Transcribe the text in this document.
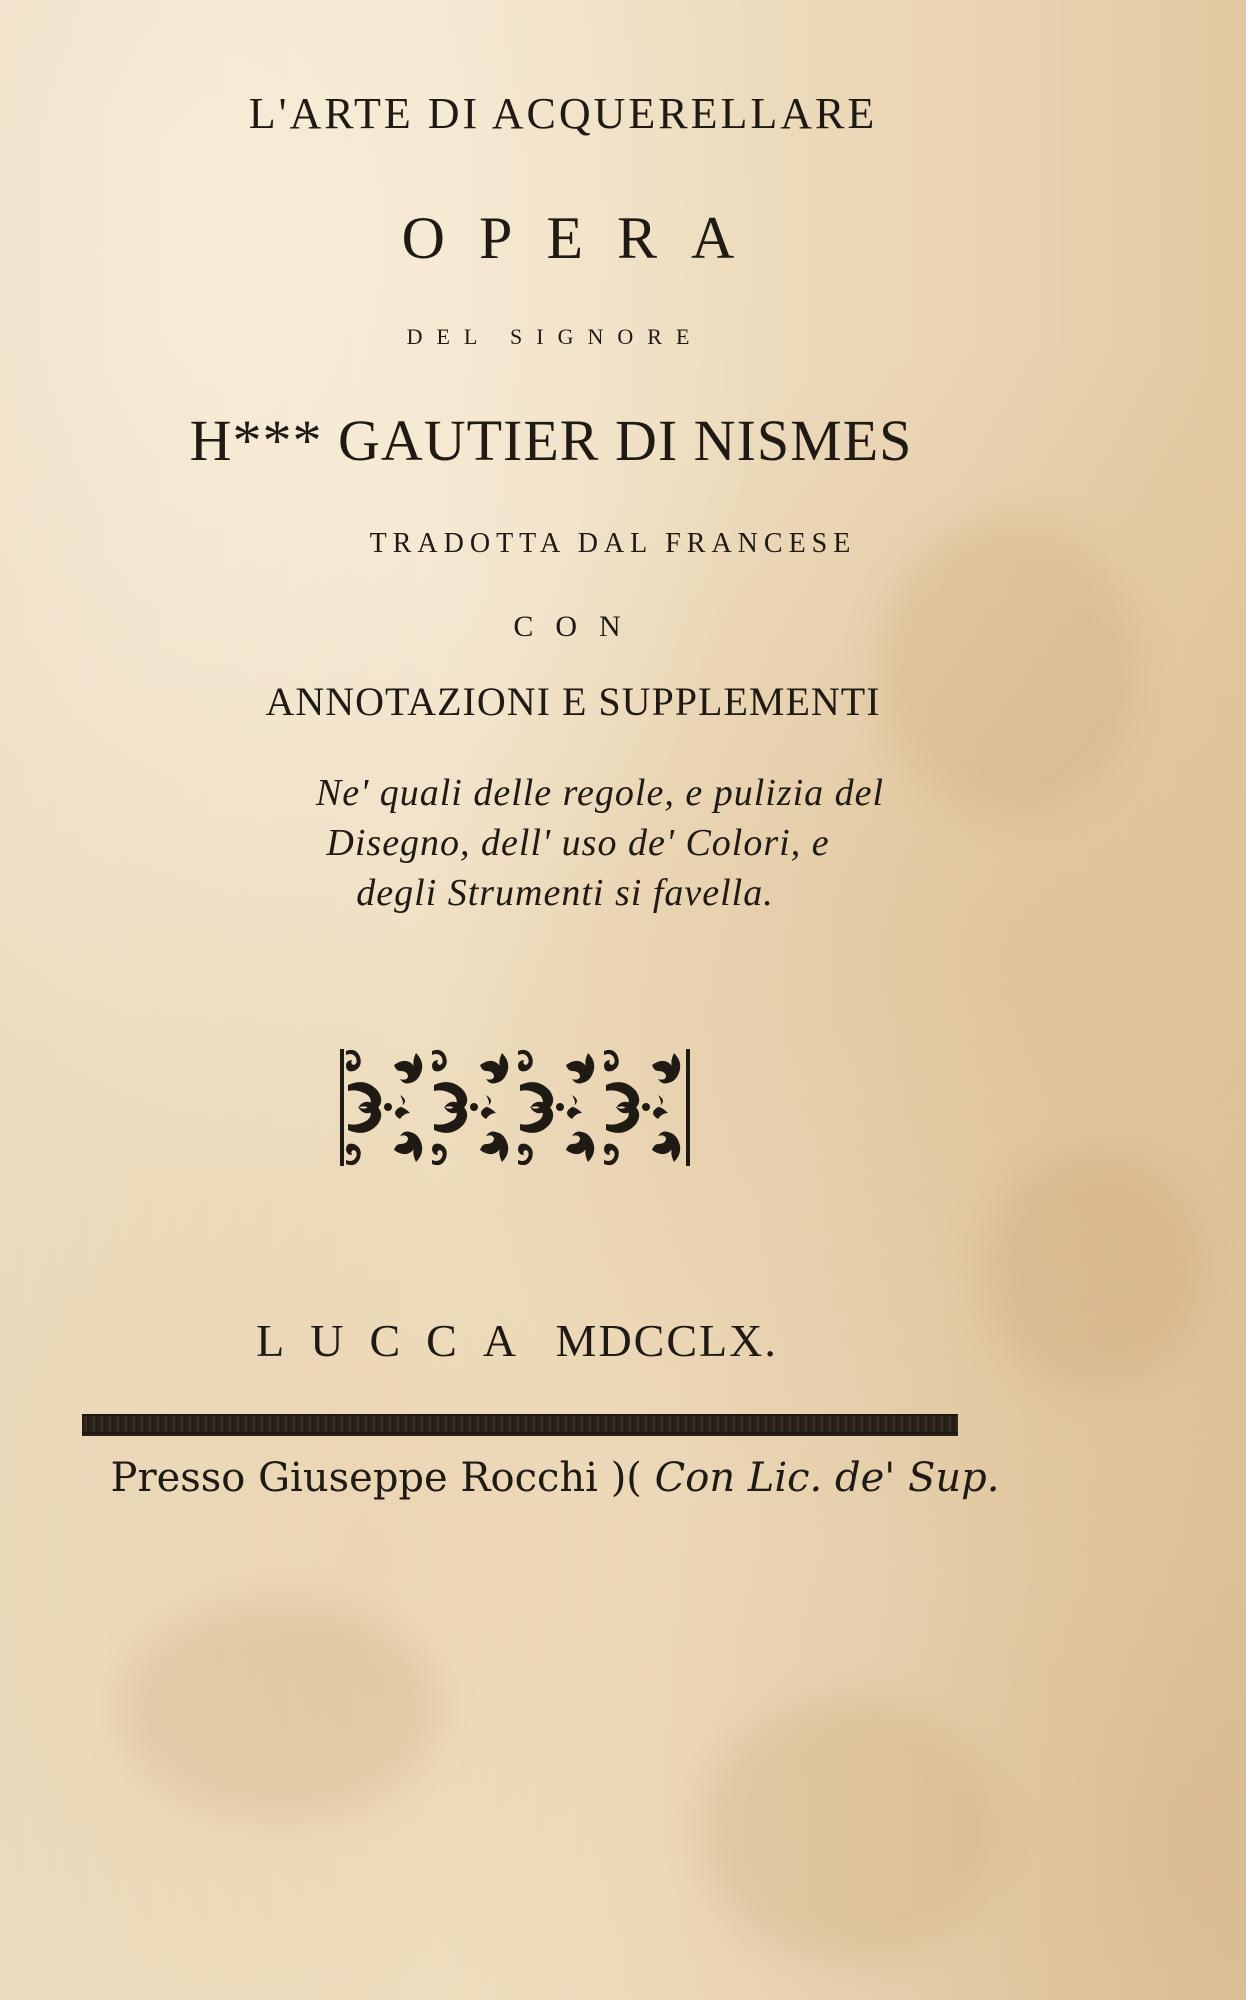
L'ARTE DI ACQUERELLARE
OPERA
DEL SIGNORE
H*** GAUTIER DI NISMES
TRADOTTA DAL FRANCESE
CON
ANNOTAZIONI E SUPPLEMENTI
Ne' quali delle regole, e pulizia del
Disegno, dell' uso de' Colori, e
degli Strumenti si favella.
LUCCA MDCCLX.
Presso Giuseppe Rocchi )( Con Lic. de' Sup.
